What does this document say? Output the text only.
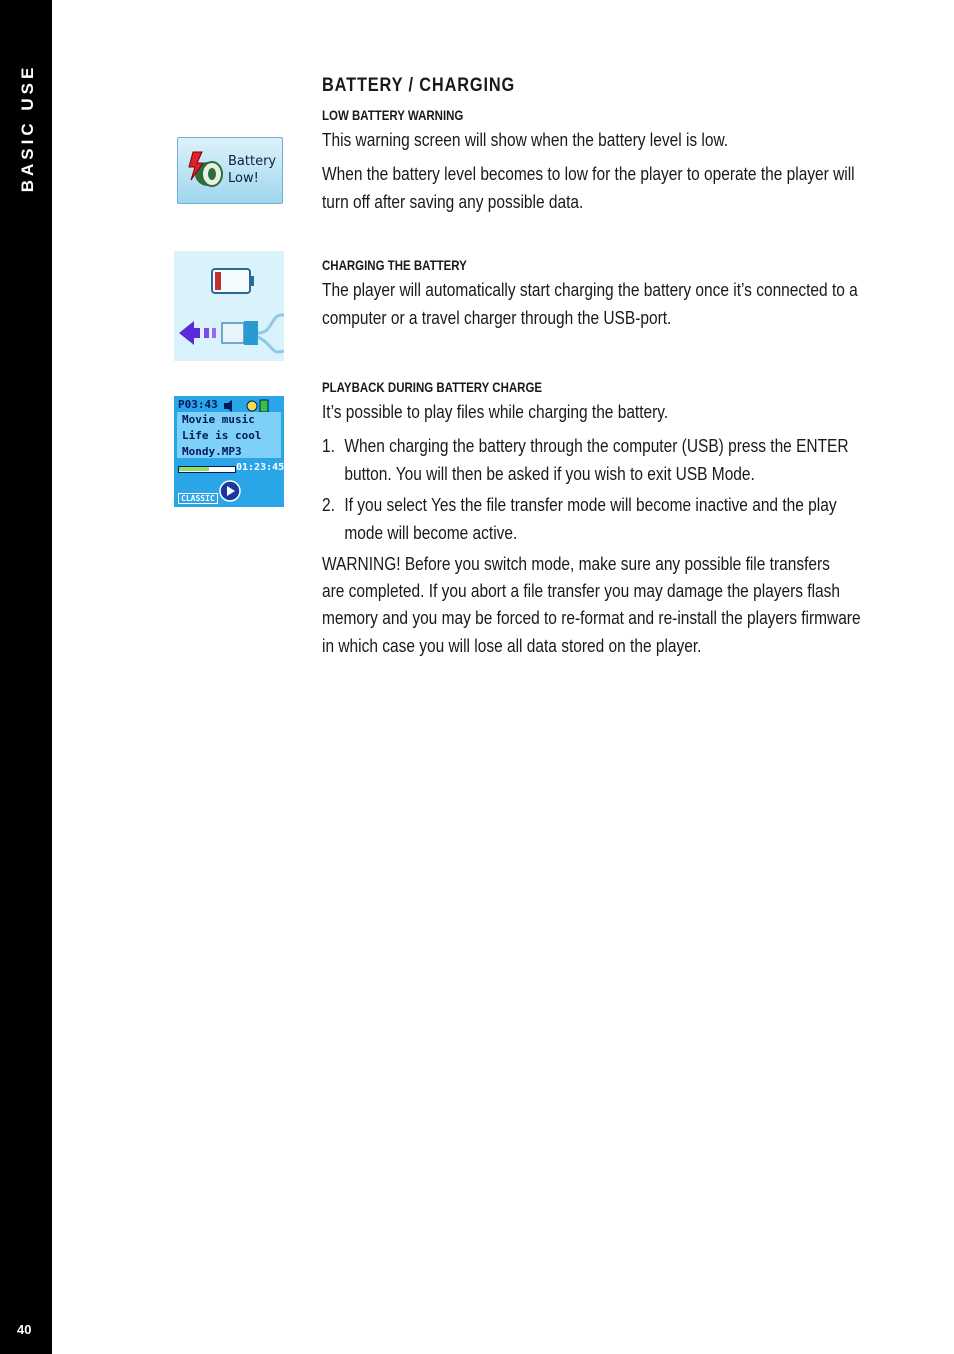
BASIC USE
40
BATTERY / CHARGING
LOW BATTERY WARNING
This warning screen will show when the battery level is low.
When the battery level becomes to low for the player to operate the player will
turn off after saving any possible data.
Battery
Low!
CHARGING THE BATTERY
The player will automatically start charging the battery once it’s connected to a
computer or a travel charger through the USB-port.
PLAYBACK DURING BATTERY CHARGE
It’s possible to play files while charging the battery.
1. When charging the battery through the computer (USB) press the ENTER
button. You will then be asked if you wish to exit USB Mode.
2. If you select Yes the file transfer mode will become inactive and the play
mode will become active.
WARNING! Before you switch mode, make sure any possible file transfers
are completed. If you abort a file transfer you may damage the players flash
memory and you may be forced to re-format and re-install the players firmware
in which case you will lose all data stored on the player.
P03:43
Movie music
Life is cool
Mondy.MP3
01:23:45
CLASSIC
